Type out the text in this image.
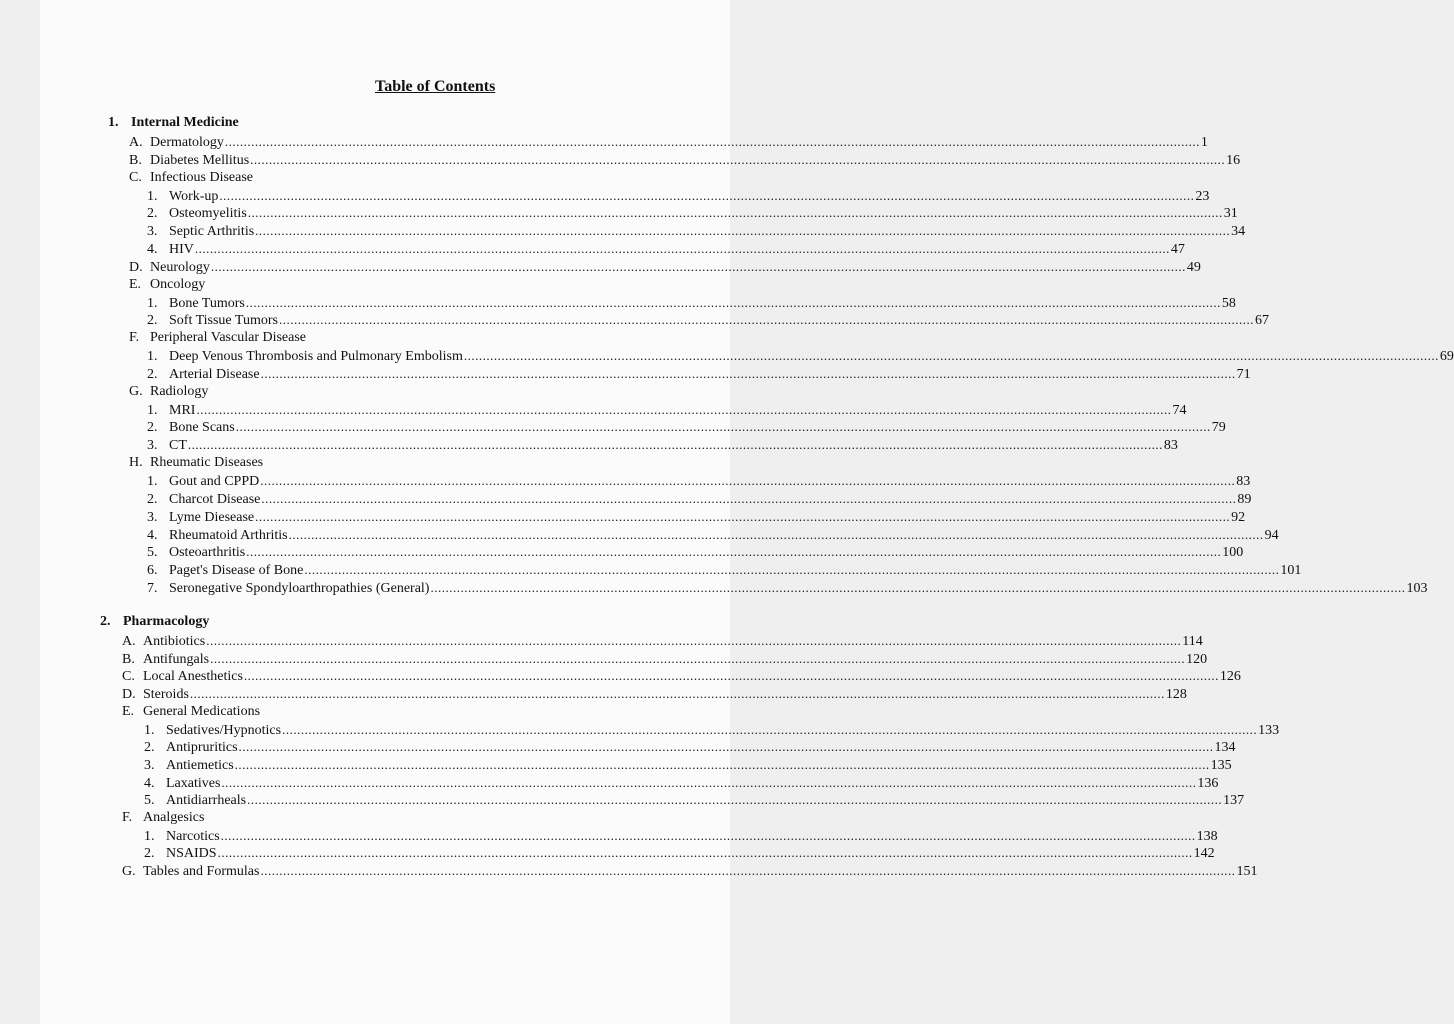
Table of Contents
1. Internal Medicine
A. Dermatology .................................................................................................................................................................................................................................................................... 1
B. Diabetes Mellitus .................................................................................................................................................................................................................................................................... 16
C. Infectious Disease
1. Work-up .................................................................................................................................................................................................................................................................... 23
2. Osteomyelitis .................................................................................................................................................................................................................................................................... 31
3. Septic Arthritis .................................................................................................................................................................................................................................................................... 34
4. HIV .................................................................................................................................................................................................................................................................... 47
D. Neurology .................................................................................................................................................................................................................................................................... 49
E. Oncology
1. Bone Tumors .................................................................................................................................................................................................................................................................... 58
2. Soft Tissue Tumors .................................................................................................................................................................................................................................................................... 67
F. Peripheral Vascular Disease
1. Deep Venous Thrombosis and Pulmonary Embolism .................................................................................................................................................................................................................................................................... 69
2. Arterial Disease .................................................................................................................................................................................................................................................................... 71
G. Radiology
1. MRI .................................................................................................................................................................................................................................................................... 74
2. Bone Scans .................................................................................................................................................................................................................................................................... 79
3. CT .................................................................................................................................................................................................................................................................... 83
H. Rheumatic Diseases
1. Gout and CPPD .................................................................................................................................................................................................................................................................... 83
2. Charcot Disease .................................................................................................................................................................................................................................................................... 89
3. Lyme Diesease .................................................................................................................................................................................................................................................................... 92
4. Rheumatoid Arthritis .................................................................................................................................................................................................................................................................... 94
5. Osteoarthritis .................................................................................................................................................................................................................................................................... 100
6. Paget's Disease of Bone .................................................................................................................................................................................................................................................................... 101
7. Seronegative Spondyloarthropathies (General) .................................................................................................................................................................................................................................................................... 103
2. Pharmacology
A. Antibiotics .................................................................................................................................................................................................................................................................... 114
B. Antifungals .................................................................................................................................................................................................................................................................... 120
C. Local Anesthetics .................................................................................................................................................................................................................................................................... 126
D. Steroids .................................................................................................................................................................................................................................................................... 128
E. General Medications
1. Sedatives/Hypnotics .................................................................................................................................................................................................................................................................... 133
2. Antipruritics .................................................................................................................................................................................................................................................................... 134
3. Antiemetics .................................................................................................................................................................................................................................................................... 135
4. Laxatives .................................................................................................................................................................................................................................................................... 136
5. Antidiarrheals .................................................................................................................................................................................................................................................................... 137
F. Analgesics
1. Narcotics .................................................................................................................................................................................................................................................................... 138
2. NSAIDS .................................................................................................................................................................................................................................................................... 142
G. Tables and Formulas .................................................................................................................................................................................................................................................................... 151
